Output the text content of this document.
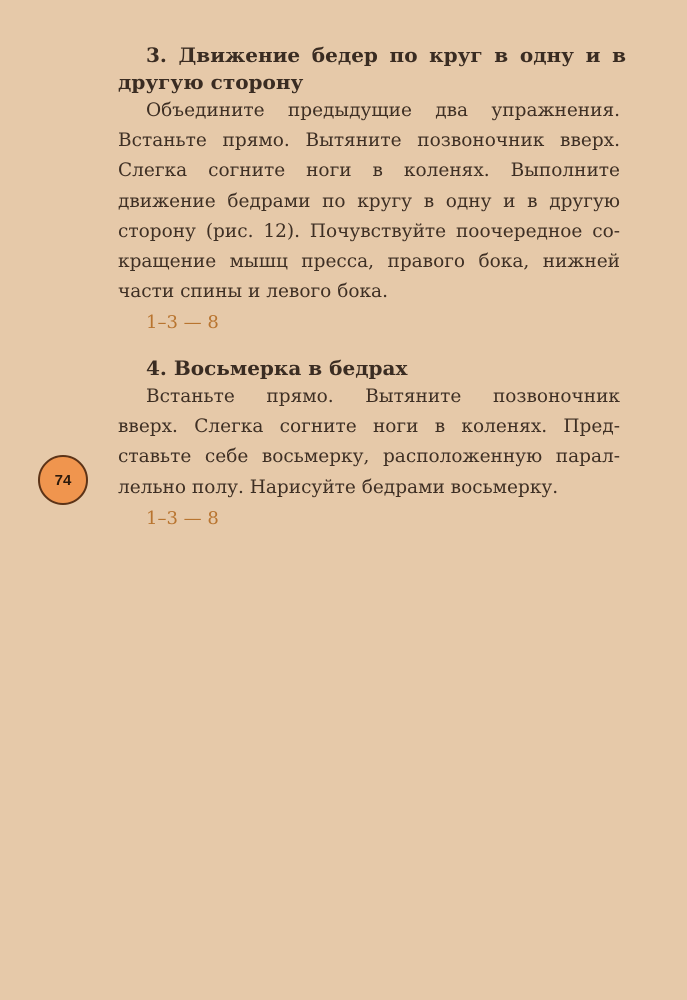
3. Движение бедер по круг в одну и в
другую сторону
Объедините предыдущие два упражнения.
Встаньте прямо. Вытяните позвоночник вверх.
Слегка согните ноги в коленях. Выполните
движение бедрами по кругу в одну и в другую
сторону (рис. 12). Почувствуйте поочередное со-
кращение мышц пресса, правого бока, нижней
части спины и левого бока.
1–3 — 8
4. Восьмерка в бедрах
Встаньте прямо. Вытяните позвоночник
вверх. Слегка согните ноги в коленях. Пред-
ставьте себе восьмерку, расположенную парал-
лельно полу. Нарисуйте бедрами восьмерку.
1–3 — 8
74
